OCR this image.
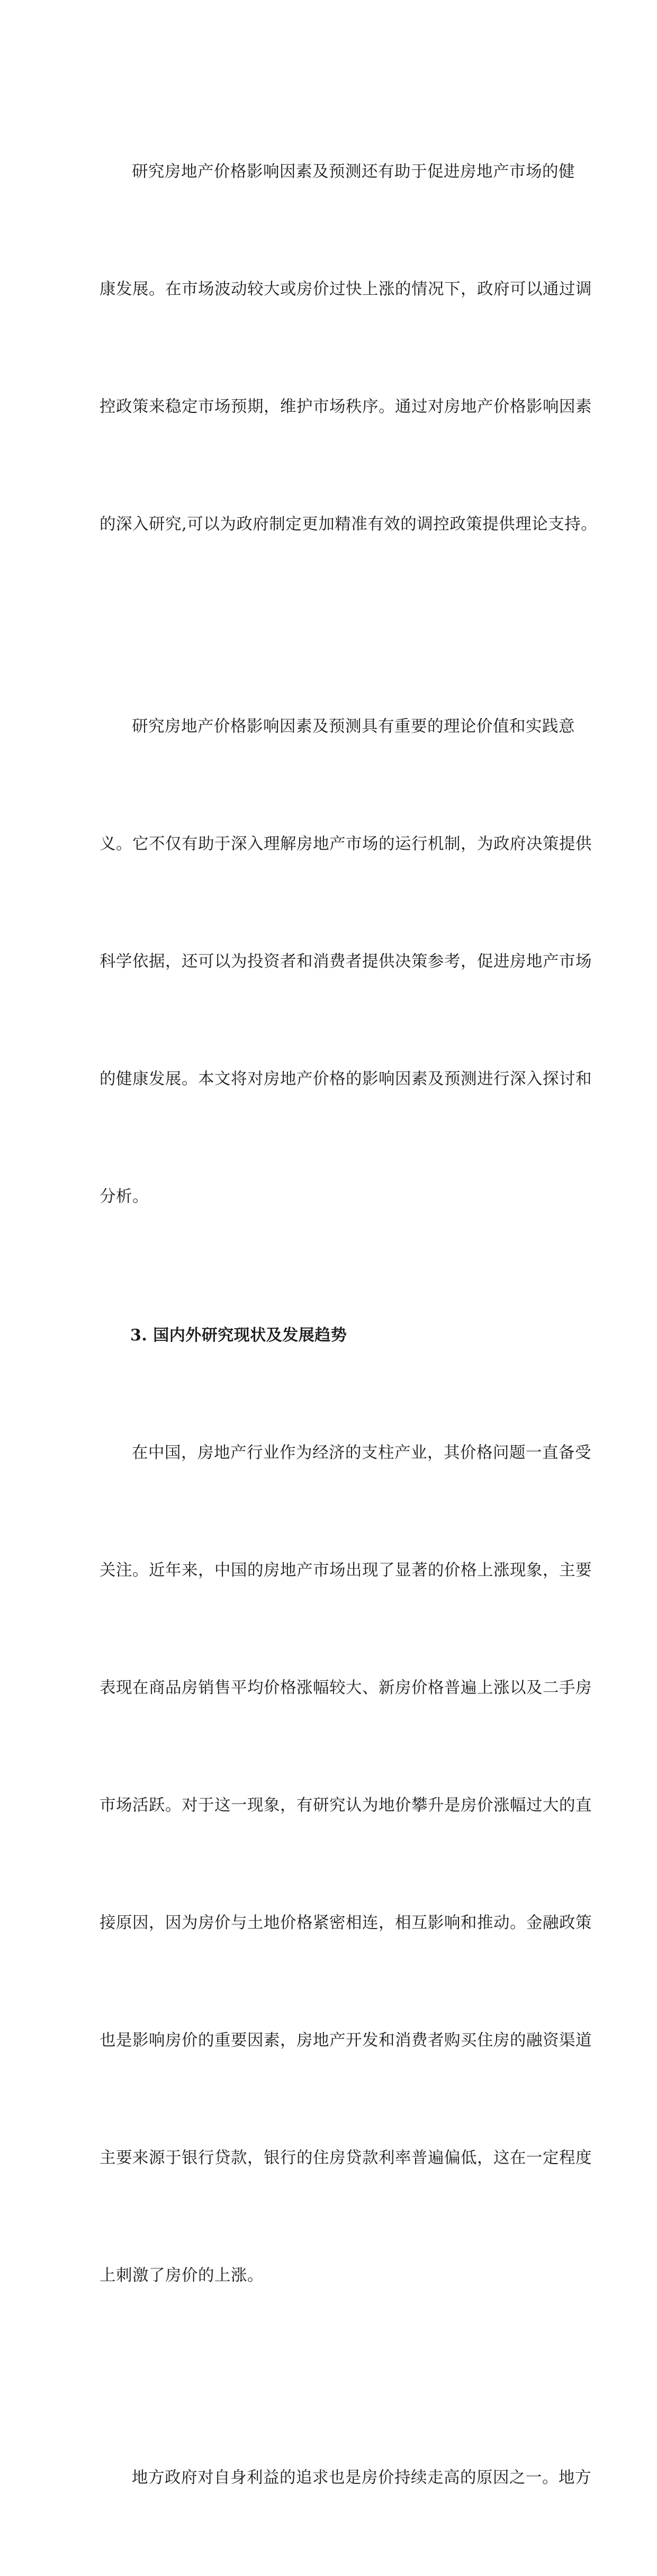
研究房地产价格影响因素及预测还有助于促进房地产市场的健

康发展。在市场波动较大或房价过快上涨的情况下，政府可以通过调

控政策来稳定市场预期，维护市场秩序。通过对房地产价格影响因素

的深入研究,可以为政府制定更加精准有效的调控政策提供理论支持。

研究房地产价格影响因素及预测具有重要的理论价值和实践意

义。它不仅有助于深入理解房地产市场的运行机制，为政府决策提供

科学依据，还可以为投资者和消费者提供决策参考，促进房地产市场

的健康发展。本文将对房地产价格的影响因素及预测进行深入探讨和

分析。

3. 国内外研究现状及发展趋势

在中国，房地产行业作为经济的支柱产业，其价格问题一直备受

关注。近年来，中国的房地产市场出现了显著的价格上涨现象，主要

表现在商品房销售平均价格涨幅较大、新房价格普遍上涨以及二手房

市场活跃。对于这一现象，有研究认为地价攀升是房价涨幅过大的直

接原因，因为房价与土地价格紧密相连，相互影响和推动。金融政策

也是影响房价的重要因素，房地产开发和消费者购买住房的融资渠道

主要来源于银行贷款，银行的住房贷款利率普遍偏低，这在一定程度

上刺激了房价的上涨。

地方政府对自身利益的追求也是房价持续走高的原因之一。地方
